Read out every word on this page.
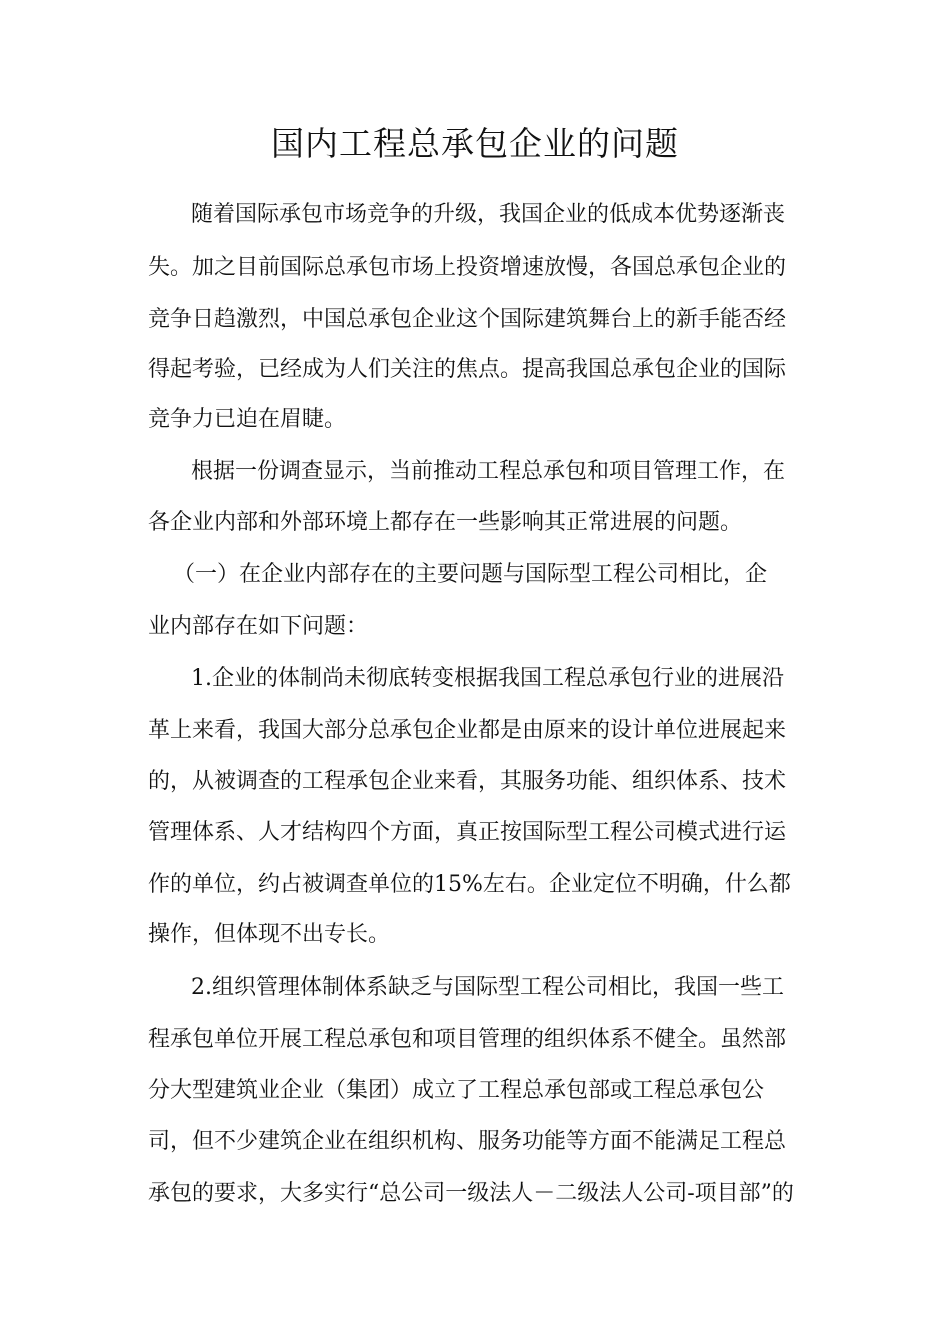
国内工程总承包企业的问题

随着国际承包市场竞争的升级，我国企业的低成本优势逐渐丧

失。加之目前国际总承包市场上投资增速放慢，各国总承包企业的

竞争日趋激烈，中国总承包企业这个国际建筑舞台上的新手能否经

得起考验，已经成为人们关注的焦点。提高我国总承包企业的国际

竞争力已迫在眉睫。

根据一份调查显示，当前推动工程总承包和项目管理工作，在

各企业内部和外部环境上都存在一些影响其正常进展的问题。

（一）在企业内部存在的主要问题与国际型工程公司相比，企

业内部存在如下问题：

1.企业的体制尚未彻底转变根据我国工程总承包行业的进展沿

革上来看，我国大部分总承包企业都是由原来的设计单位进展起来

的，从被调查的工程承包企业来看，其服务功能、组织体系、技术

管理体系、人才结构四个方面，真正按国际型工程公司模式进行运

作的单位，约占被调查单位的15%左右。企业定位不明确，什么都

操作，但体现不出专长。

2.组织管理体制体系缺乏与国际型工程公司相比，我国一些工

程承包单位开展工程总承包和项目管理的组织体系不健全。虽然部

分大型建筑业企业（集团）成立了工程总承包部或工程总承包公

司，但不少建筑企业在组织机构、服务功能等方面不能满足工程总

承包的要求，大多实行“总公司一级法人－二级法人公司-项目部”的
